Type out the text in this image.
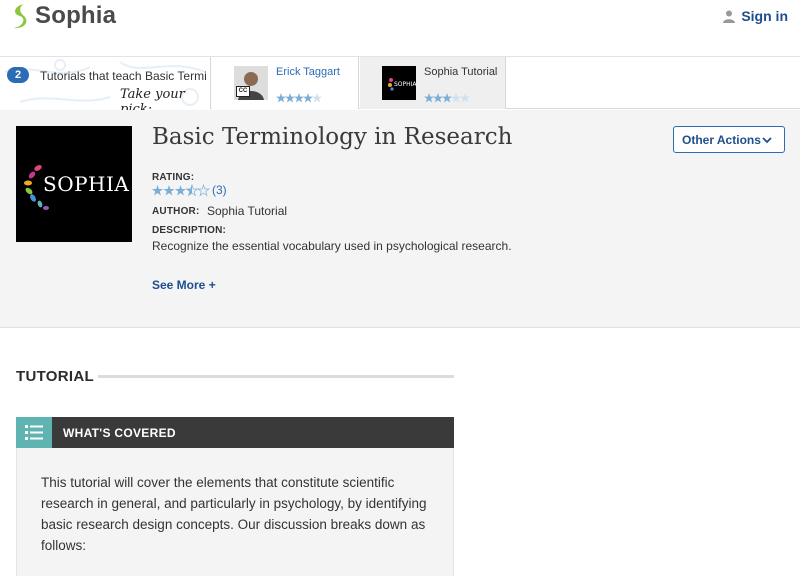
Sophia	Sign in
2	Tutorials that teach Basic Termi
Take your
Erick Taggart
SOPHIA
Sophia Tutorial
CC
SOPHIA
Basic Terminology in Research
RATING:
(3)
AUTHOR: Sophia Tutorial
DESCRIPTION:
Recognize the essential vocabulary used in psychological research.
See More +
Other Actions
TUTORIAL
WHAT'S COVERED
This tutorial will cover the elements that constitute scientific research in general, and particularly in psychology, by identifying basic research design concepts. Our discussion breaks down as follows:
